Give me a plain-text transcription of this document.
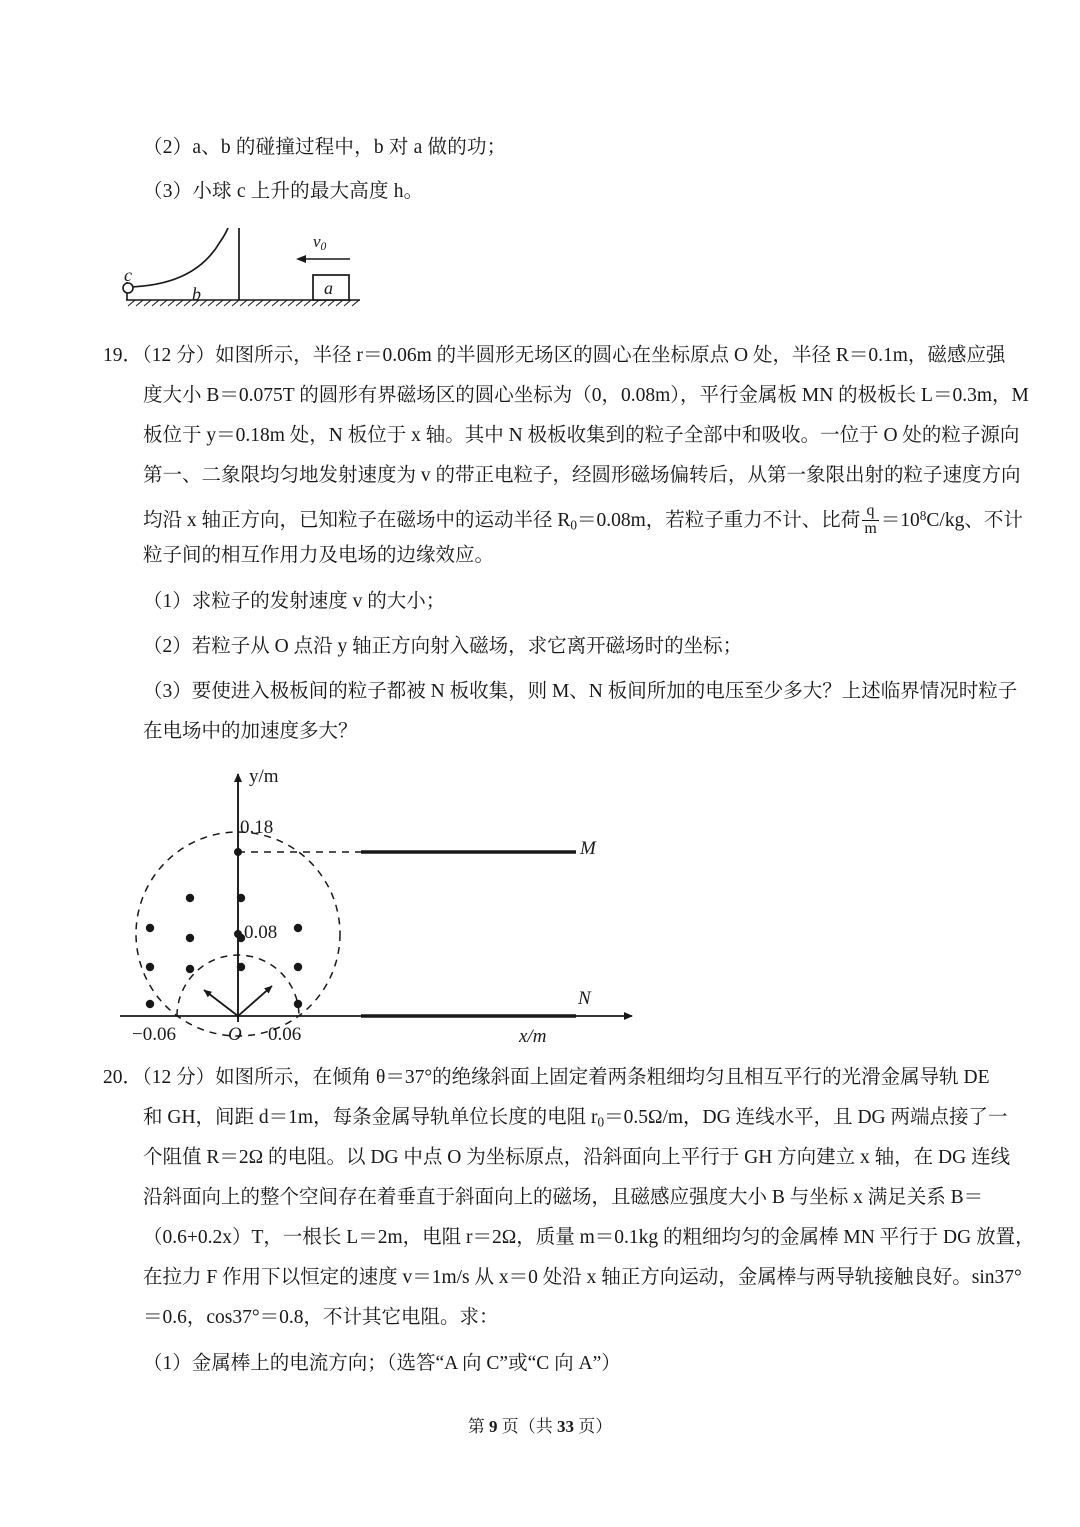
（2）a、b 的碰撞过程中，b 对 a 做的功；
（3）小球 c 上升的最大高度 h。
c
b	a
$v_0$
19．（12 分）如图所示，半径 r＝0.06m 的半圆形无场区的圆心在坐标原点 O 处，半径 R＝0.1m，磁感应强
度大小 B＝0.075T 的圆形有界磁场区的圆心坐标为（0，0.08m），平行金属板 MN 的极板长 L＝0.3m，M
板位于 y＝0.18m 处，N 板位于 x 轴。其中 N 极板收集到的粒子全部中和吸收。一位于 O 处的粒子源向
第一、二象限均匀地发射速度为 v 的带正电粒子，经圆形磁场偏转后，从第一象限出射的粒子速度方向
均沿 x 轴正方向，已知粒子在磁场中的运动半径 $R_0=0.08m$，若粒子重力不计、比荷 $\frac{q}{m} =10^8C/kg$、不计
粒子间的相互作用力及电场的边缘效应。
（1）求粒子的发射速度 v 的大小；
（2）若粒子从 O 点沿 y 轴正方向射入磁场，求它离开磁场时的坐标；
（3）要使进入极板间的粒子都被 N 板收集，则 M、N 板间所加的电压至少多大？上述临界情况时粒子
在电场中的加速度多大？
y/m
x/m
0.18
0.08
−0.06	0.06
O
M
N
20．（12 分）如图所示，在倾角 θ＝37°的绝缘斜面上固定着两条粗细均匀且相互平行的光滑金属导轨 DE
和 GH，间距 d＝1m，每条金属导轨单位长度的电阻 $r_0=0.5\Omega/m$，DG 连线水平，且 DG 两端点接了一
个阻值 R＝2Ω 的电阻。以 DG 中点 O 为坐标原点，沿斜面向上平行于 GH 方向建立 x 轴，在 DG 连线
沿斜面向上的整个空间存在着垂直于斜面向上的磁场，且磁感应强度大小 B 与坐标 x 满足关系 B＝
（0.6+0.2x）T，一根长 L＝2m，电阻 r＝2Ω，质量 m＝0.1kg 的粗细均匀的金属棒 MN 平行于 DG 放置，
在拉力 F 作用下以恒定的速度 v＝1m/s 从 x＝0 处沿 x 轴正方向运动，金属棒与两导轨接触良好。sin37°
＝0.6，cos37°＝0.8，不计其它电阻。求：
（1）金属棒上的电流方向；（选答“A 向 C”或“C 向 A”）
第 9 页（共 33 页）
